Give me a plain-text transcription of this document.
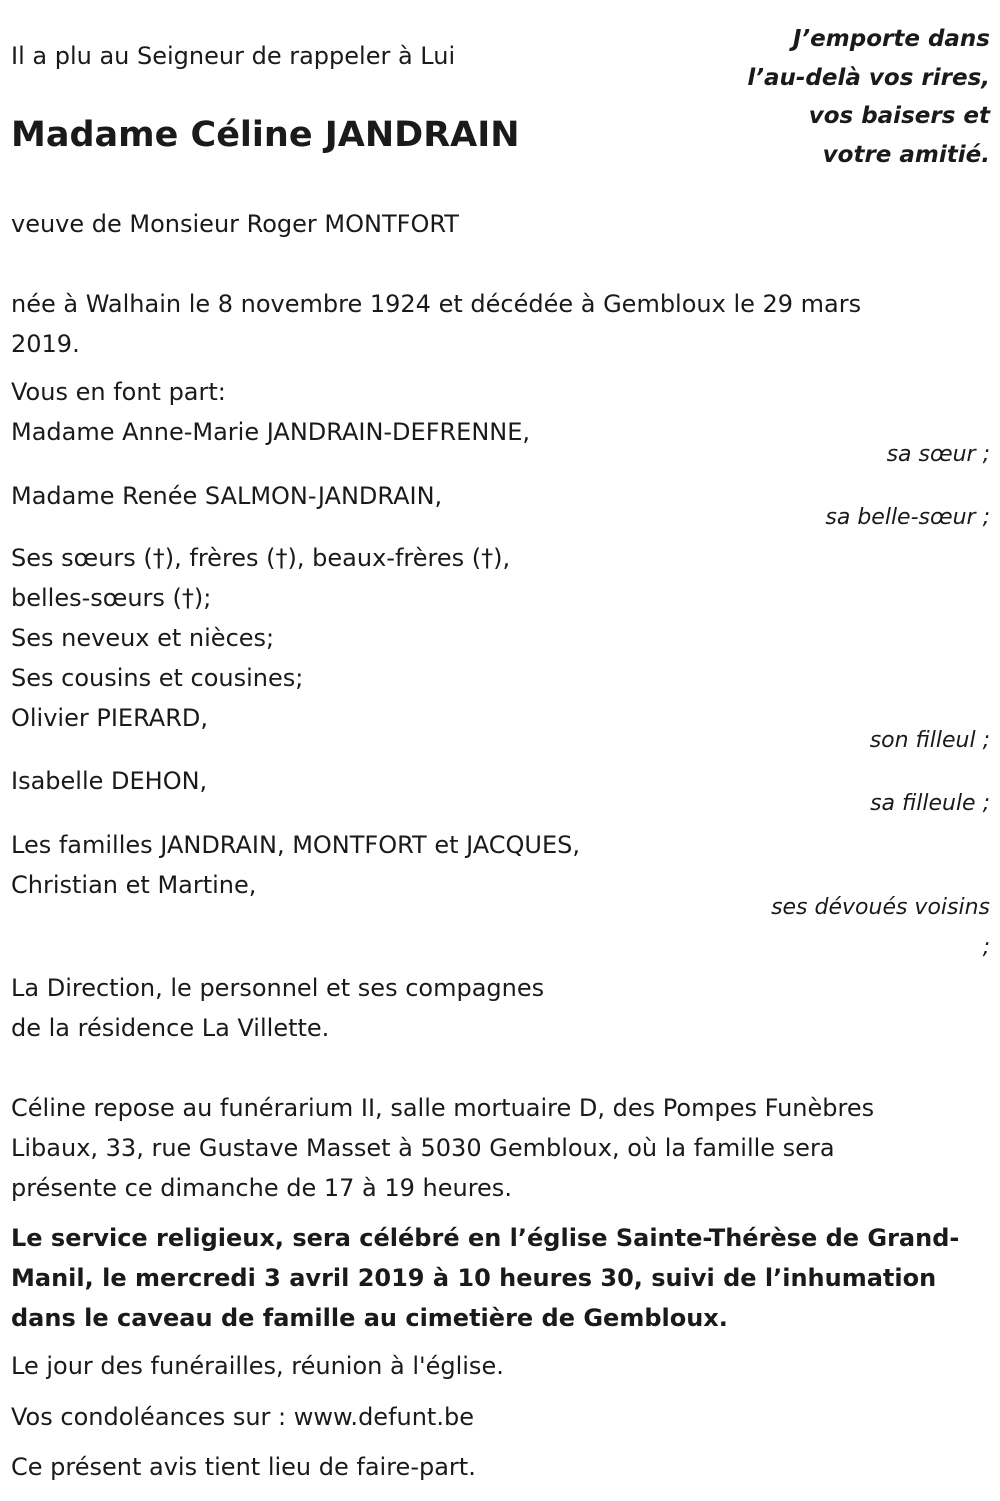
Il a plu au Seigneur de rappeler à Lui
J’emporte dans
l’au-delà vos rires,
vos baisers et
votre amitié.
Madame Céline JANDRAIN
veuve de Monsieur Roger MONTFORT
née à Walhain le 8 novembre 1924 et décédée à Gembloux le 29 mars
2019.
Vous en font part:
Madame Anne-Marie JANDRAIN-DEFRENNE,
sa sœur ;
Madame Renée SALMON-JANDRAIN,
sa belle-sœur ;
Ses sœurs (†), frères (†), beaux-frères (†),
belles-sœurs (†);
Ses neveux et nièces;
Ses cousins et cousines;
Olivier PIERARD,
son filleul ;
Isabelle DEHON,
sa filleule ;
Les familles JANDRAIN, MONTFORT et JACQUES,
Christian et Martine,
ses dévoués voisins
;
La Direction, le personnel et ses compagnes
de la résidence La Villette.
Céline repose au funérarium II, salle mortuaire D, des Pompes Funèbres
Libaux, 33, rue Gustave Masset à 5030 Gembloux, où la famille sera
présente ce dimanche de 17 à 19 heures.
Le service religieux, sera célébré en l’église Sainte-Thérèse de Grand-
Manil, le mercredi 3 avril 2019 à 10 heures 30, suivi de l’inhumation
dans le caveau de famille au cimetière de Gembloux.
Le jour des funérailles, réunion à l'église.
Vos condoléances sur : www.defunt.be
Ce présent avis tient lieu de faire-part.
